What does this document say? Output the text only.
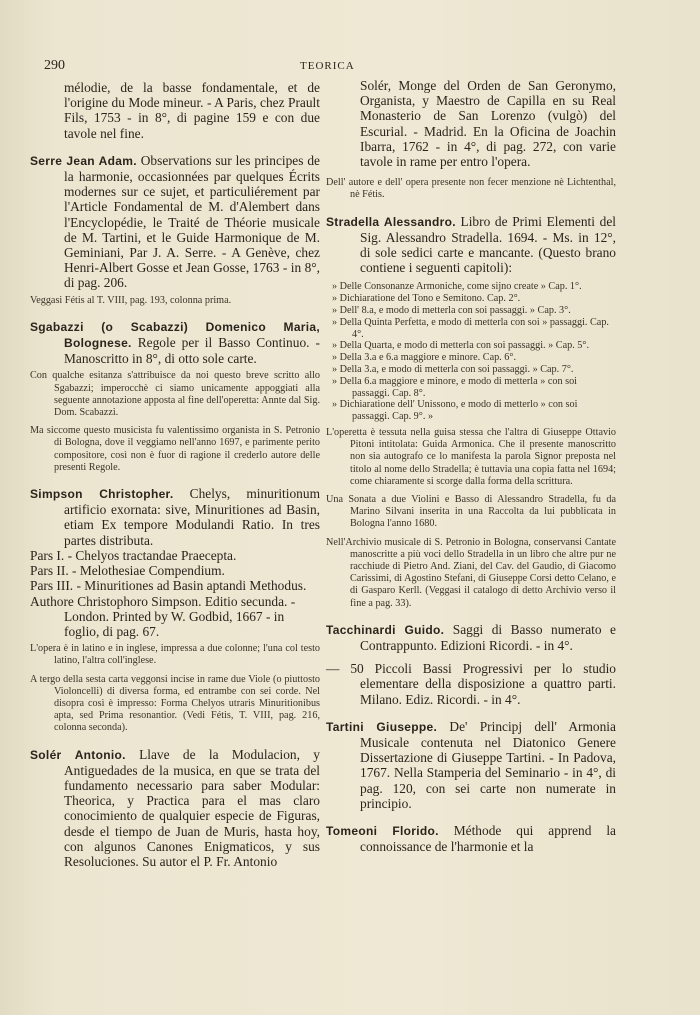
290	TEORICA
mélodie, de la basse fondamentale, et de l'origine du Mode mineur. - A Paris, chez Prault Fils, 1753 - in 8°, di pagine 159 e con due tavole nel fine.
Serre Jean Adam. Observations sur les principes de la harmonie, occasionnées par quelques Écrits modernes sur ce sujet, et particuliérement par l'Article Fondamental de M. d'Alembert dans l'Encyclopédie, le Traité de Théorie musicale de M. Tartini, et le Guide Harmonique de M. Geminiani, Par J. A. Serre. - A Genève, chez Henri-Albert Gosse et Jean Gosse, 1763 - in 8°, di pag. 206.
Veggasi Fétis al T. VIII, pag. 193, colonna prima.
Sgabazzi (o Scabazzi) Domenico Maria, Bolognese. Regole per il Basso Continuo. - Manoscritto in 8°, di otto sole carte.
Con qualche esitanza s'attribuisce da noi questo breve scritto allo Sgabazzi; imperocchè ci siamo unicamente appoggiati alla seguente annotazione apposta al fine dell'operetta: Annte dal Sig. Dom. Scabazzi.
Ma siccome questo musicista fu valentissimo organista in S. Petronio di Bologna, dove il veggiamo nell'anno 1697, e parimente perito compositore, così non è fuor di ragione il crederlo autore delle presenti Regole.
Simpson Christopher. Chelys, minuritionum artificio exornata: sive, Minuritiones ad Basin, etiam Ex tempore Modulandi Ratio. In tres partes distributa.
Pars I. - Chelyos tractandae Praecepta.
Pars II. - Melothesiae Compendium.
Pars III. - Minuritiones ad Basin aptandi Methodus.
Authore Christophoro Simpson. Editio secunda. - London. Printed by W. Godbid, 1667 - in foglio, di pag. 67.
L'opera è in latino e in inglese, impressa a due colonne; l'una col testo latino, l'altra coll'inglese.
A tergo della sesta carta veggonsi incise in rame due Viole (o piuttosto Violoncelli) di diversa forma, ed entrambe con sei corde. Nel disopra così è impresso: Forma Chelyos utraris Minuritionibus apta, sed Prima resonantior. (Vedi Fétis, T. VIII, pag. 216, colonna seconda).
Solér Antonio. Llave de la Modulacion, y Antiguedades de la musica, en que se trata del fundamento necessario para saber Modular: Theorica, y Practica para el mas claro conocimiento de qualquier especie de Figuras, desde el tiempo de Juan de Muris, hasta hoy, con algunos Canones Enigmaticos, y sus Resoluciones. Su autor el P. Fr. Antonio
Solér, Monge del Orden de San Geronymo, Organista, y Maestro de Capilla en su Real Monasterio de San Lorenzo (vulgò) del Escurial. - Madrid. En la Oficina de Joachin Ibarra, 1762 - in 4°, di pag. 272, con varie tavole in rame per entro l'opera.
Dell' autore e dell' opera presente non fecer menzione nè Lichtenthal, nè Fétis.
Stradella Alessandro. Libro de Primi Elementi del Sig. Alessandro Stradella. 1694. - Ms. in 12°, di sole sedici carte e mancante. (Questo brano contiene i seguenti capitoli):
» Delle Consonanze Armoniche, come sijno create » Cap. 1°.
» Dichiaratione del Tono e Semitono. Cap. 2°.
» Dell' 8.a, e modo di metterla con soi passaggi. » Cap. 3°.
» Della Quinta Perfetta, e modo di metterla con soi » passaggi. Cap. 4°.
» Della Quarta, e modo di metterla con soi passaggi. » Cap. 5°.
» Della 3.a e 6.a maggiore e minore. Cap. 6°.
» Della 3.a, e modo di metterla con soi passaggi. » Cap. 7°.
» Della 6.a maggiore e minore, e modo di metterla » con soi passaggi. Cap. 8°.
» Dichiaratione dell' Unissono, e modo di metterlo » con soi passaggi. Cap. 9°. »
L'operetta è tessuta nella guisa stessa che l'altra di Giuseppe Ottavio Pitoni intitolata: Guida Armonica. Che il presente manoscritto non sia autografo ce lo manifesta la parola Signor preposta nel titolo al nome dello Stradella; è tuttavia una copia fatta nel 1694; come chiaramente si scorge dalla forma della scrittura.
Una Sonata a due Violini e Basso di Alessandro Stradella, fu da Marino Silvani inserita in una Raccolta da lui pubblicata in Bologna l'anno 1680.
Nell'Archivio musicale di S. Petronio in Bologna, conservansi Cantate manoscritte a più voci dello Stradella in un libro che altre pur ne racchiude di Pietro And. Ziani, del Cav. del Gaudio, di Giacomo Carissimi, di Agostino Stefani, di Giuseppe Corsi detto Celano, e di Gasparo Kerll. (Veggasi il catalogo di detto Archivio verso il fine a pag. 33).
Tacchinardi Guido. Saggi di Basso numerato e Contrappunto. Edizioni Ricordi. - in 4°.
— 50 Piccoli Bassi Progressivi per lo studio elementare della disposizione a quattro parti. Milano. Ediz. Ricordi. - in 4°.
Tartini Giuseppe. De' Principj dell' Armonia Musicale contenuta nel Diatonico Genere Dissertazione di Giuseppe Tartini. - In Padova, 1767. Nella Stamperia del Seminario - in 4°, di pag. 120, con sei carte non numerate in principio.
Tomeoni Florido. Méthode qui apprend la connoissance de l'harmonie et la
